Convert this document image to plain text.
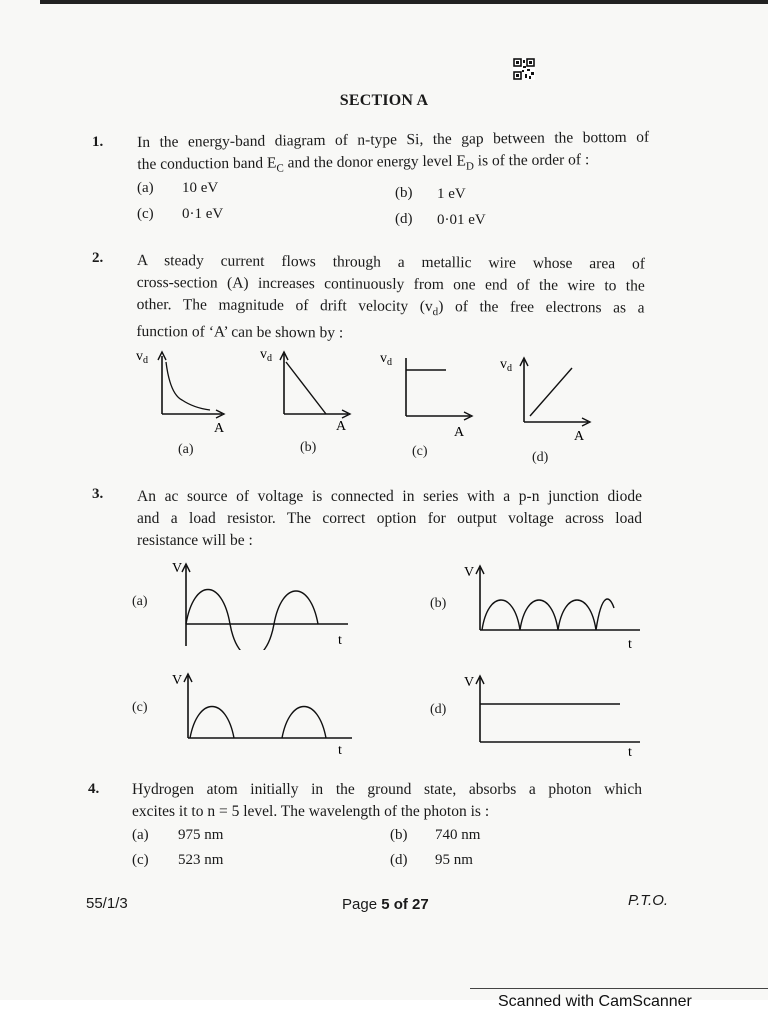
SECTION A
1. In the energy-band diagram of n-type Si, the gap between the bottom of
the conduction band $E_C$ and the donor energy level $E_D$ is of the order of :
(a) 10 eV	(b) 1 eV
(c) 0·1 eV	(d) 0·01 eV
2. A steady current flows through a metallic wire whose area of
cross-section (A) increases continuously from one end of the wire to the
other. The magnitude of drift velocity $(v_d)$ of the free electrons as a
function of ‘A’ can be shown by :
$v_d$
A
(a)
$v_d$
A
(b)
$v_d$
A
(c)
$v_d$
A
(d)
3. An ac source of voltage is connected in series with a p-n junction diode
and a load resistor. The correct option for output voltage across load
resistance will be :
(a)
V
t
(b)
V
t
(c)
V
t
(d)
V
t
4. Hydrogen atom initially in the ground state, absorbs a photon which
excites it to n = 5 level. The wavelength of the photon is :
(a) 975 nm	(b) 740 nm
(c) 523 nm	(d) 95 nm
55/1/3	Page 5 of 27	P.T.O.
Scanned with CamScanner
